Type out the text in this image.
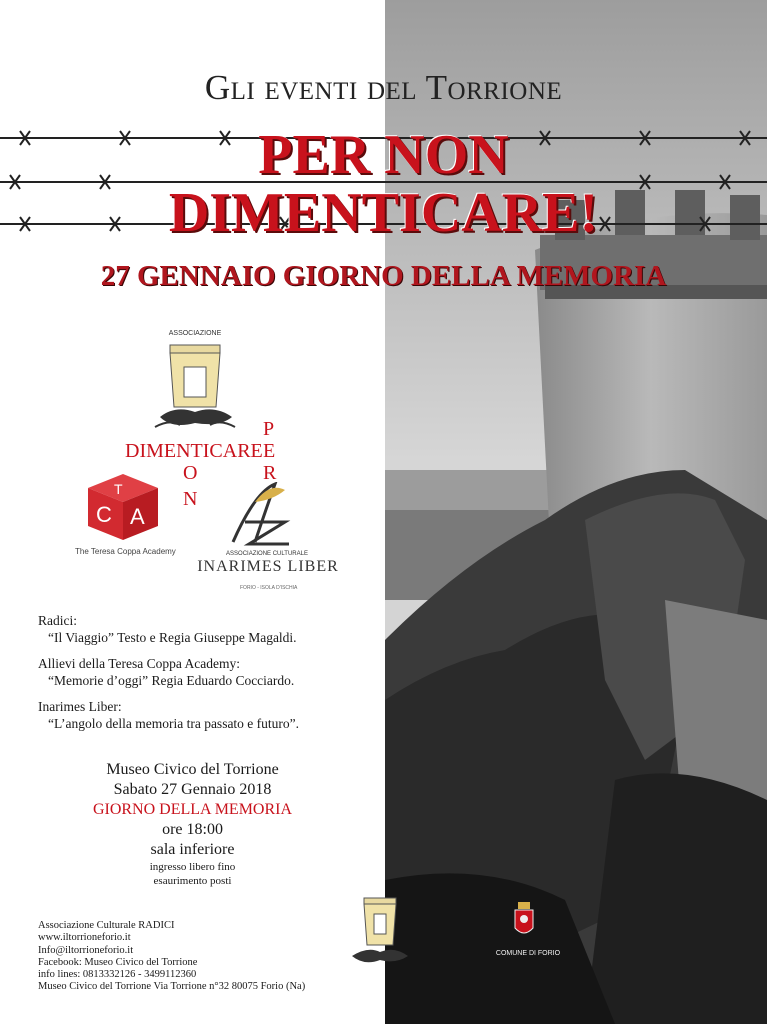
Gli eventi del Torrione
PER NON
DIMENTICARE!
27 GENNAIO GIORNO DELLA MEMORIA
ASSOCIAZIONE
DIMENTICARE
P
E
R
O
N
T
C A
The Teresa Coppa Academy	ASSOCIAZIONE CULTURALE
INARIMES LIBER
FORIO - ISOLA D'ISCHIA
Radici:
“Il Viaggio” Testo e Regia Giuseppe Magaldi.
Allievi della Teresa Coppa Academy:
“Memorie d’oggi” Regia Eduardo Cocciardo.
Inarimes Liber:
“L’angolo della memoria tra passato e futuro”.
Museo Civico del Torrione
Sabato 27 Gennaio 2018
GIORNO DELLA MEMORIA
ore 18:00
sala inferiore
ingresso libero fino
esaurimento posti
Associazione Culturale RADICI
www.iltorrioneforio.it
Info@iltorrioneforio.it
Facebook: Museo Civico del Torrione
info lines: 0813332126 - 3499112360
Museo Civico del Torrione Via Torrione n°32 80075 Forio (Na)
COMUNE DI FORIO
